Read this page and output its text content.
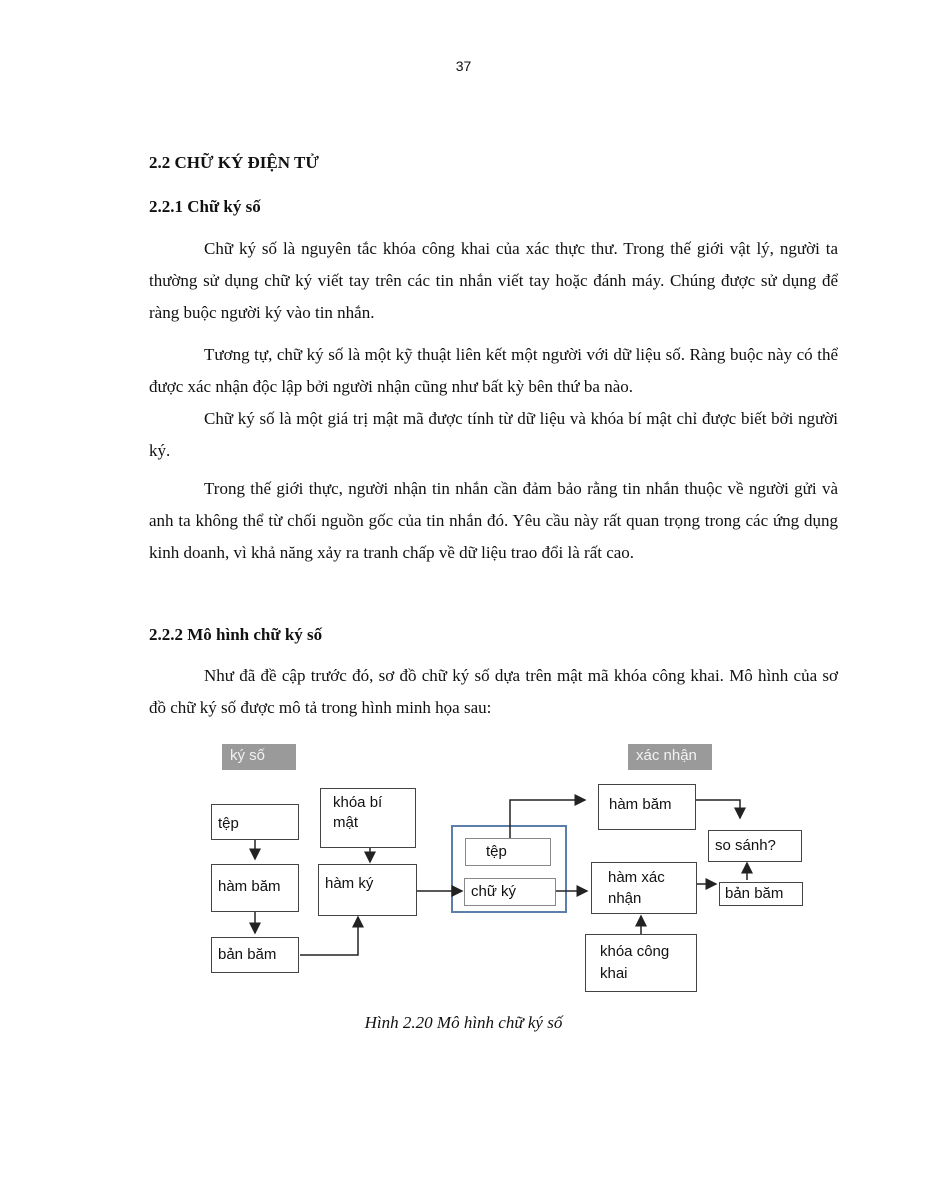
37
2.2 CHỮ KÝ ĐIỆN TỬ
2.2.1 Chữ ký số

Chữ ký số là nguyên tắc khóa công khai của xác thực thư. Trong thế giới vật lý, người ta thường sử dụng chữ ký viết tay trên các tin nhắn viết tay hoặc đánh máy. Chúng được sử dụng để ràng buộc người ký vào tin nhắn.

Tương tự, chữ ký số là một kỹ thuật liên kết một người với dữ liệu số. Ràng buộc này có thể được xác nhận độc lập bởi người nhận cũng như bất kỳ bên thứ ba nào.

Chữ ký số là một giá trị mật mã được tính từ dữ liệu và khóa bí mật chỉ được biết bởi người ký.

Trong thế giới thực, người nhận tin nhắn cần đảm bảo rằng tin nhắn thuộc về người gửi và anh ta không thể từ chối nguồn gốc của tin nhắn đó. Yêu cầu này rất quan trọng trong các ứng dụng kinh doanh, vì khả năng xảy ra tranh chấp về dữ liệu trao đổi là rất cao.

2.2.2 Mô hình chữ ký số

Như đã đề cập trước đó, sơ đồ chữ ký số dựa trên mật mã khóa công khai. Mô hình của sơ đồ chữ ký số được mô tả trong hình minh họa sau:

ký số	xác nhận
tệp
hàm băm
bản băm
khóa bí mật
hàm ký
tệp
chữ ký
hàm băm
hàm xác nhận
khóa công khai
so sánh?
bản băm
Hình 2.20 Mô hình chữ ký số
